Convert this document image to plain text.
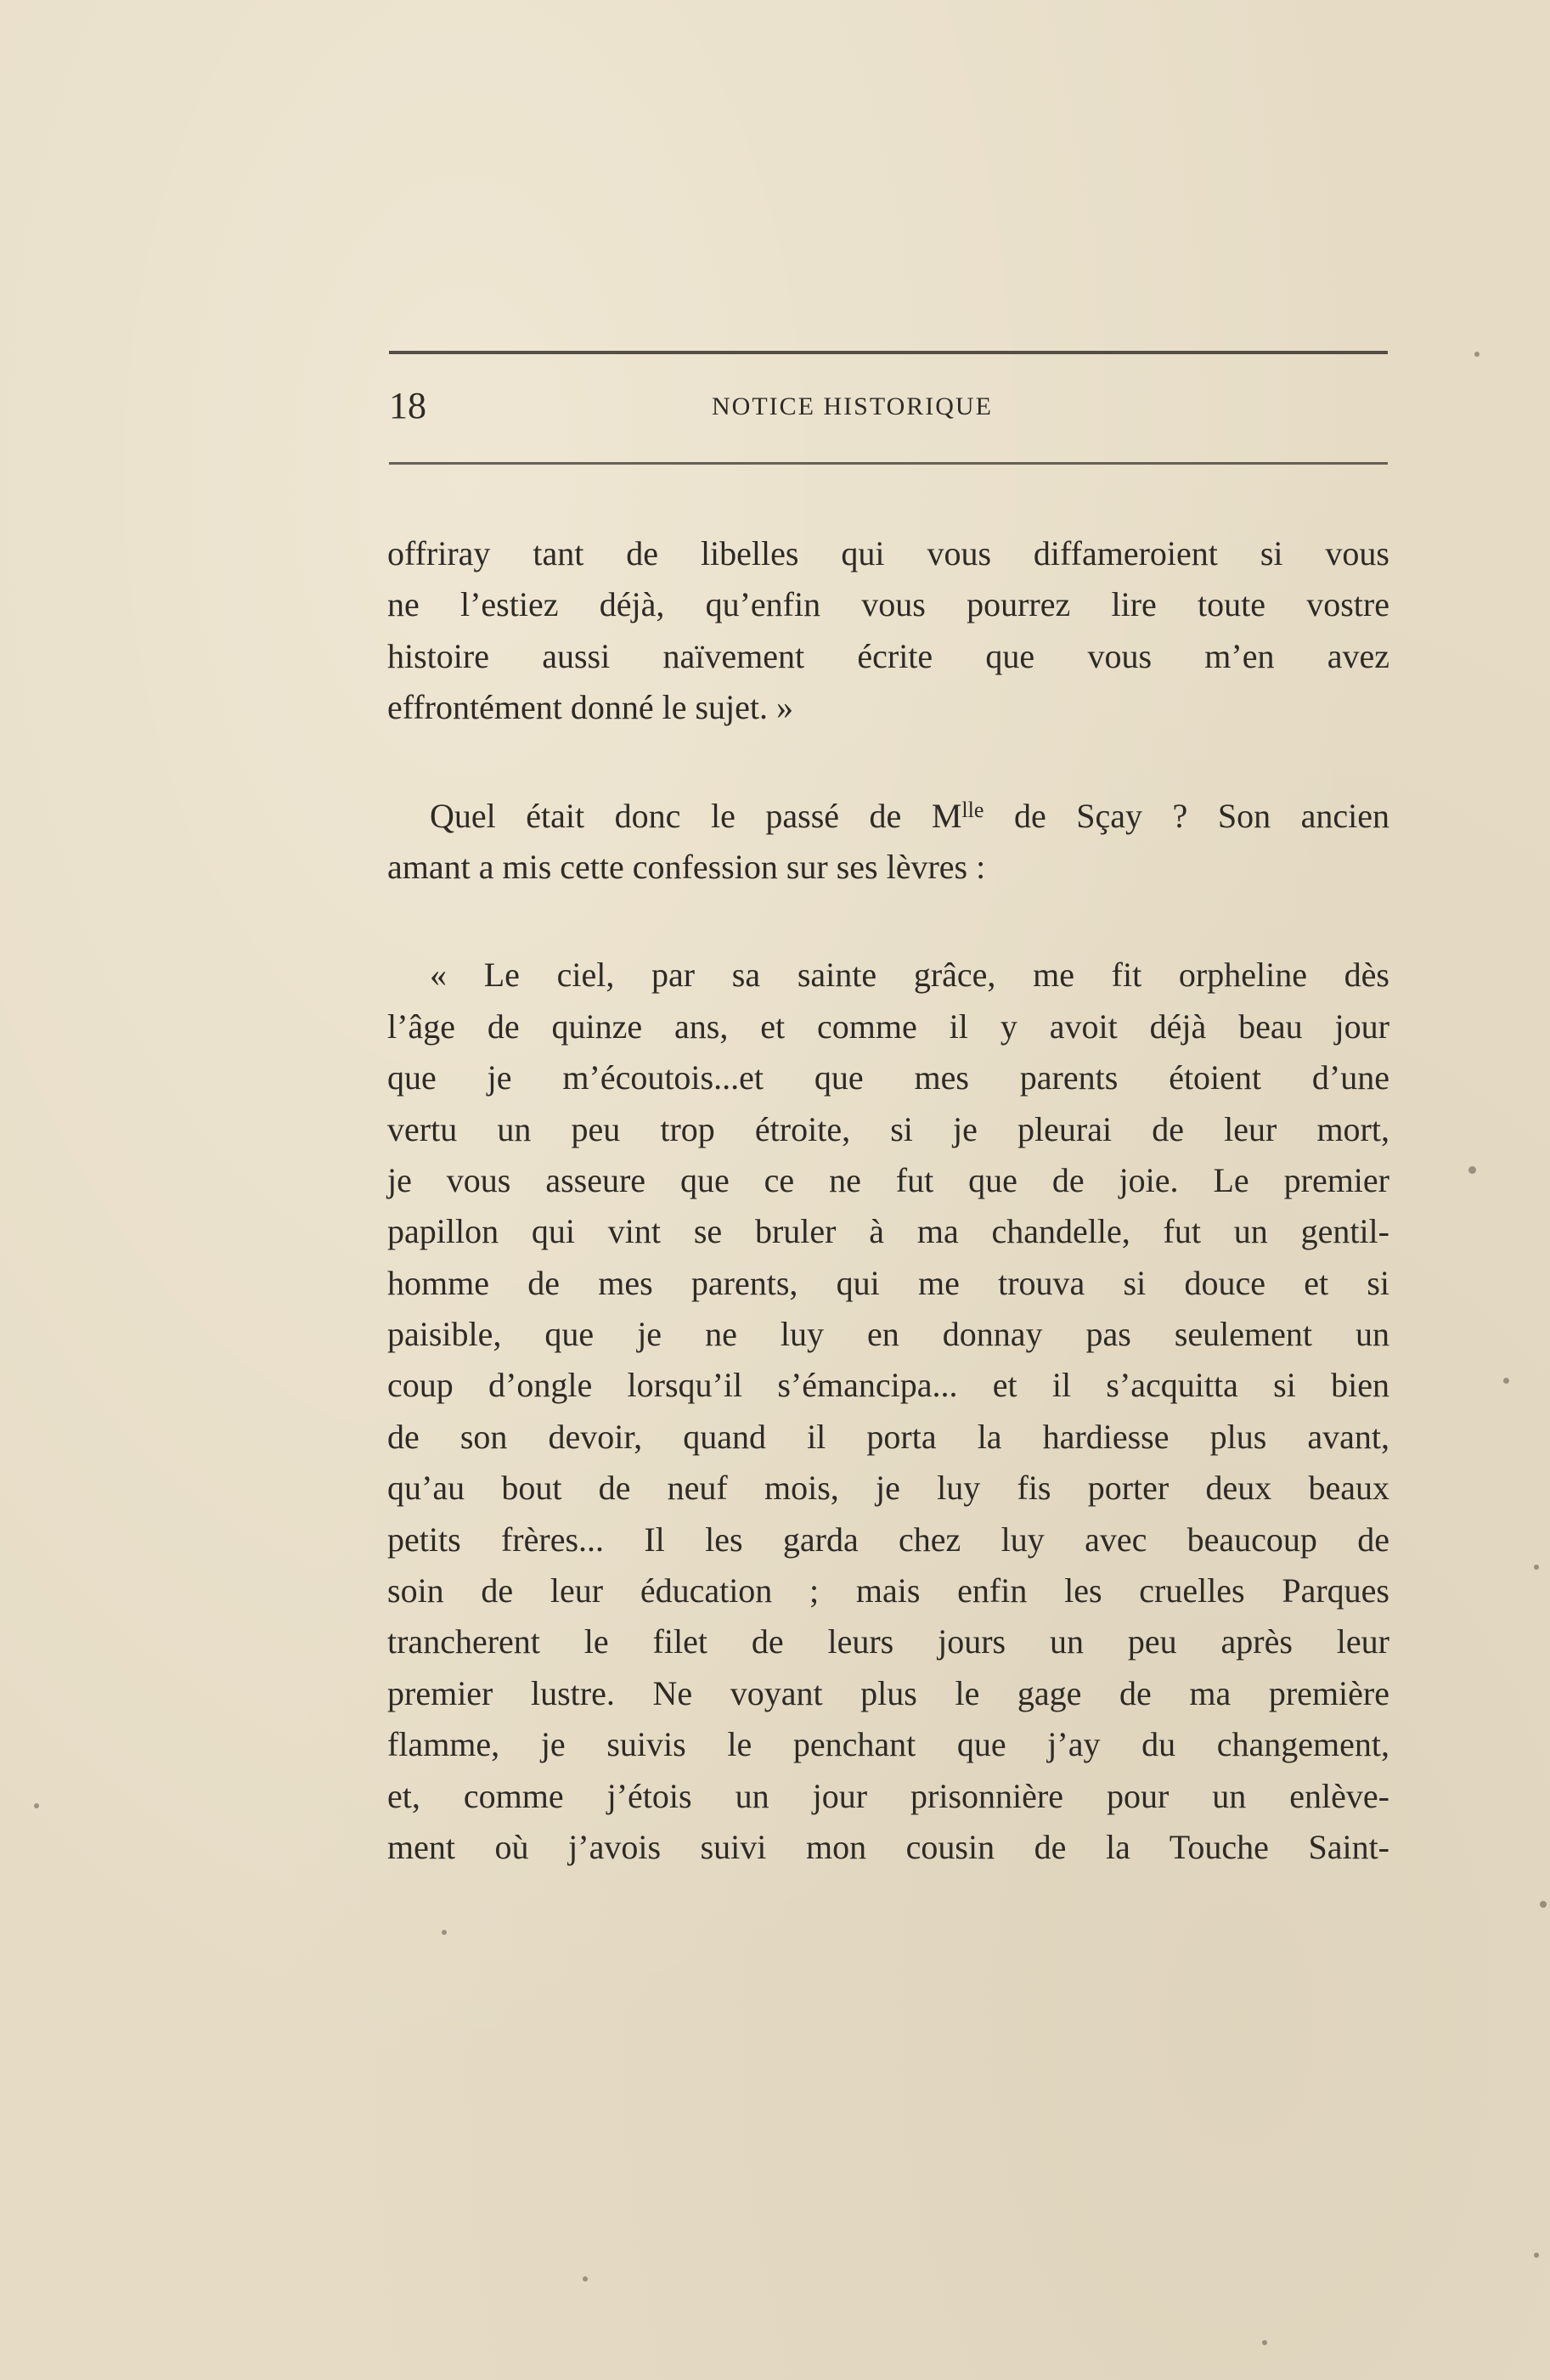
18	NOTICE HISTORIQUE
offriray tant de libelles qui vous diffameroient si vous
ne l’estiez déjà, qu’enfin vous pourrez lire toute vostre
histoire aussi naïvement écrite que vous m’en avez
effrontément donné le sujet. »
Quel était donc le passé de $M^{lle}$ de Sçay ? Son ancien
amant a mis cette confession sur ses lèvres :
« Le ciel, par sa sainte grâce, me fit orpheline dès
l’âge de quinze ans, et comme il y avoit déjà beau jour
que je m’écoutois...et que mes parents étoient d’une
vertu un peu trop étroite, si je pleurai de leur mort,
je vous asseure que ce ne fut que de joie. Le premier
papillon qui vint se bruler à ma chandelle, fut un gentil-
homme de mes parents, qui me trouva si douce et si
paisible, que je ne luy en donnay pas seulement un
coup d’ongle lorsqu’il s’émancipa... et il s’acquitta si bien
de son devoir, quand il porta la hardiesse plus avant,
qu’au bout de neuf mois, je luy fis porter deux beaux
petits frères... Il les garda chez luy avec beaucoup de
soin de leur éducation ; mais enfin les cruelles Parques
trancherent le filet de leurs jours un peu après leur
premier lustre. Ne voyant plus le gage de ma première
flamme, je suivis le penchant que j’ay du changement,
et, comme j’étois un jour prisonnière pour un enlève-
ment où j’avois suivi mon cousin de la Touche Saint-
